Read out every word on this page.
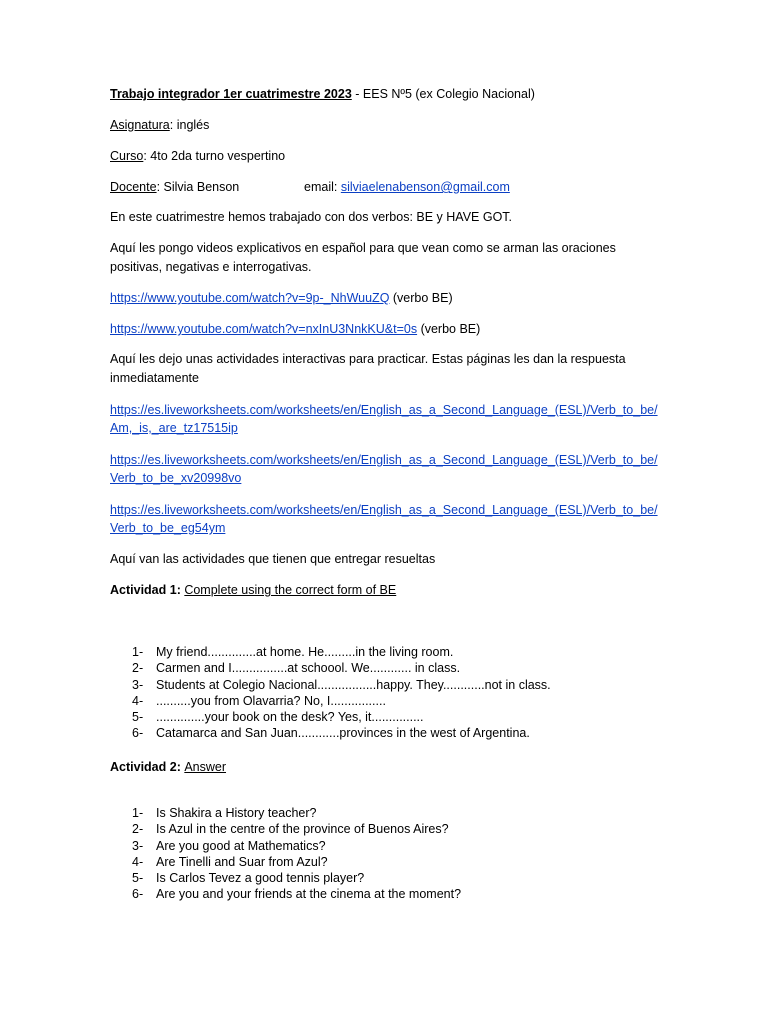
Trabajo integrador 1er cuatrimestre 2023 - EES Nº5 (ex Colegio Nacional)
Asignatura: inglés
Curso: 4to 2da turno vespertino
Docente: Silvia Benson	email: silviaelenabenson@gmail.com
En este cuatrimestre hemos trabajado con dos verbos: BE y HAVE GOT.
Aquí les pongo videos explicativos en español para que vean como se arman las oraciones positivas, negativas e interrogativas.
https://www.youtube.com/watch?v=9p-_NhWuuZQ (verbo BE)
https://www.youtube.com/watch?v=nxInU3NnkKU&t=0s (verbo BE)
Aquí les dejo unas actividades interactivas para practicar. Estas páginas les dan la respuesta inmediatamente
https://es.liveworksheets.com/worksheets/en/English_as_a_Second_Language_(ESL)/Verb_to_be/Am,_is,_are_tz17515ip
https://es.liveworksheets.com/worksheets/en/English_as_a_Second_Language_(ESL)/Verb_to_be/Verb_to_be_xv20998vo
https://es.liveworksheets.com/worksheets/en/English_as_a_Second_Language_(ESL)/Verb_to_be/Verb_to_be_eg54ym
Aquí van las actividades que tienen que entregar resueltas
Actividad 1: Complete using the correct form of BE
1- My friend..............at home. He.........in the living room.
2- Carmen and I................at schoool. We............ in class.
3- Students at Colegio Nacional.................happy. They............not in class.
4- ..........you from Olavarria? No, I................
5- ..............your book on the desk? Yes, it...............
6- Catamarca and San Juan............provinces in the west of Argentina.
Actividad 2: Answer
1- Is Shakira a History teacher?
2- Is Azul in the centre of the province of Buenos Aires?
3- Are you good at Mathematics?
4- Are Tinelli and Suar from Azul?
5- Is Carlos Tevez a good tennis player?
6- Are you and your friends at the cinema at the moment?
